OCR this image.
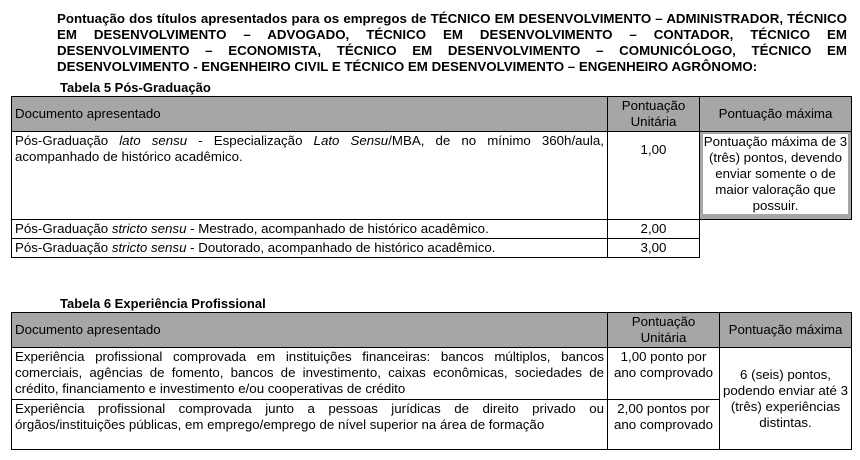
Pontuação dos títulos apresentados para os empregos de TÉCNICO EM DESENVOLVIMENTO – ADMINISTRADOR, TÉCNICO EM DESENVOLVIMENTO – ADVOGADO, TÉCNICO EM DESENVOLVIMENTO – CONTADOR, TÉCNICO EM DESENVOLVIMENTO – ECONOMISTA, TÉCNICO EM DESENVOLVIMENTO – COMUNICÓLOGO, TÉCNICO EM DESENVOLVIMENTO - ENGENHEIRO CIVIL E TÉCNICO EM DESENVOLVIMENTO – ENGENHEIRO AGRÔNOMO:
Tabela 5 Pós-Graduação
Documento apresentado	Pontuação Unitária	Pontuação máxima
Pós-Graduação lato sensu - Especialização Lato Sensu/MBA, de no mínimo 360h/aula, acompanhado de histórico acadêmico.	1,00	Pontuação máxima de 3 (três) pontos, devendo enviar somente o de maior valoração que possuir.

Pós-Graduação stricto sensu - Mestrado, acompanhado de histórico acadêmico.	2,00	
Pós-Graduação stricto sensu - Doutorado, acompanhado de histórico acadêmico.	3,00	
Tabela 6 Experiência Profissional
Documento apresentado	Pontuação Unitária	Pontuação máxima
Experiência profissional comprovada em instituições financeiras: bancos múltiplos, bancos comerciais, agências de fomento, bancos de investimento, caixas econômicas, sociedades de crédito, financiamento e investimento e/ou cooperativas de crédito	1,00 ponto por ano comprovado	6 (seis) pontos, podendo enviar até 3 (três) experiências distintas.
Experiência profissional comprovada junto a pessoas jurídicas de direito privado ou órgãos/instituições públicas, em emprego/emprego de nível superior na área de formação	2,00 pontos por ano comprovado	
